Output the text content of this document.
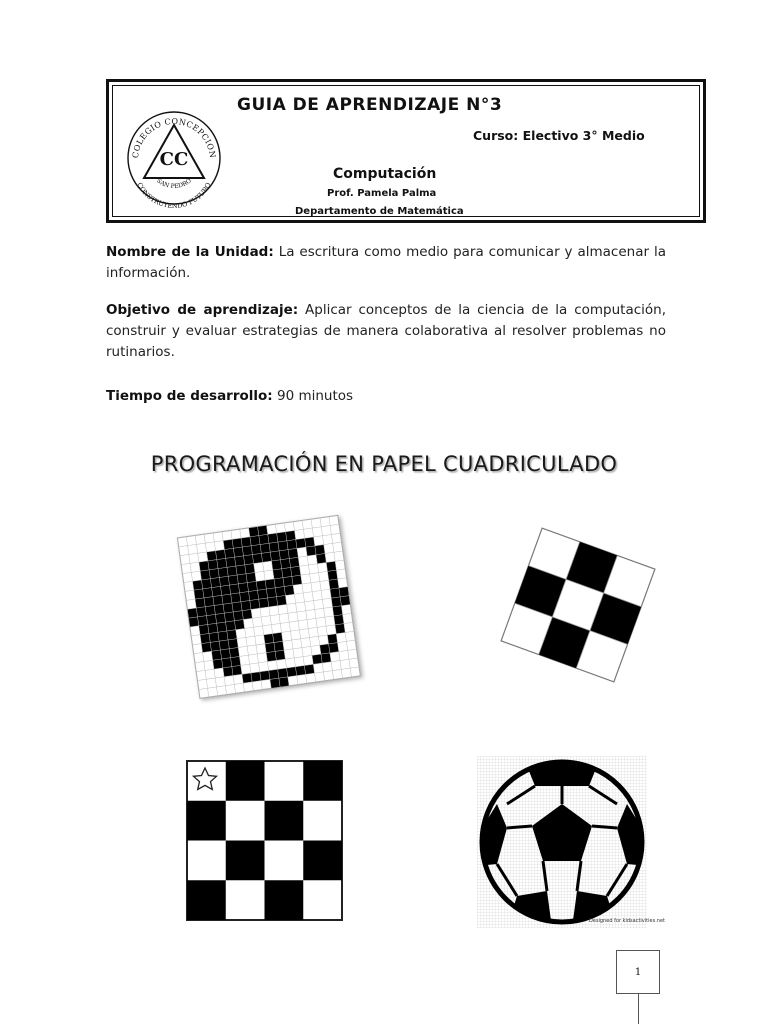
COLEGIO CONCEPCION
CONSTRUYENDO FUTURO
CC
SAN PEDRO
GUIA DE APRENDIZAJE N°3
Curso: Electivo 3° Medio
Computación
Prof. Pamela Palma
Departamento de Matemática
Nombre de la Unidad: La escritura como medio para comunicar y almacenar la información.
Objetivo de aprendizaje: Aplicar conceptos de la ciencia de la computación, construir y evaluar estrategias de manera colaborativa al resolver problemas no rutinarios.
Tiempo de desarrollo: 90 minutos
PROGRAMACIÓN EN PAPEL CUADRICULADO
Designed for kidsactivities.net
1
